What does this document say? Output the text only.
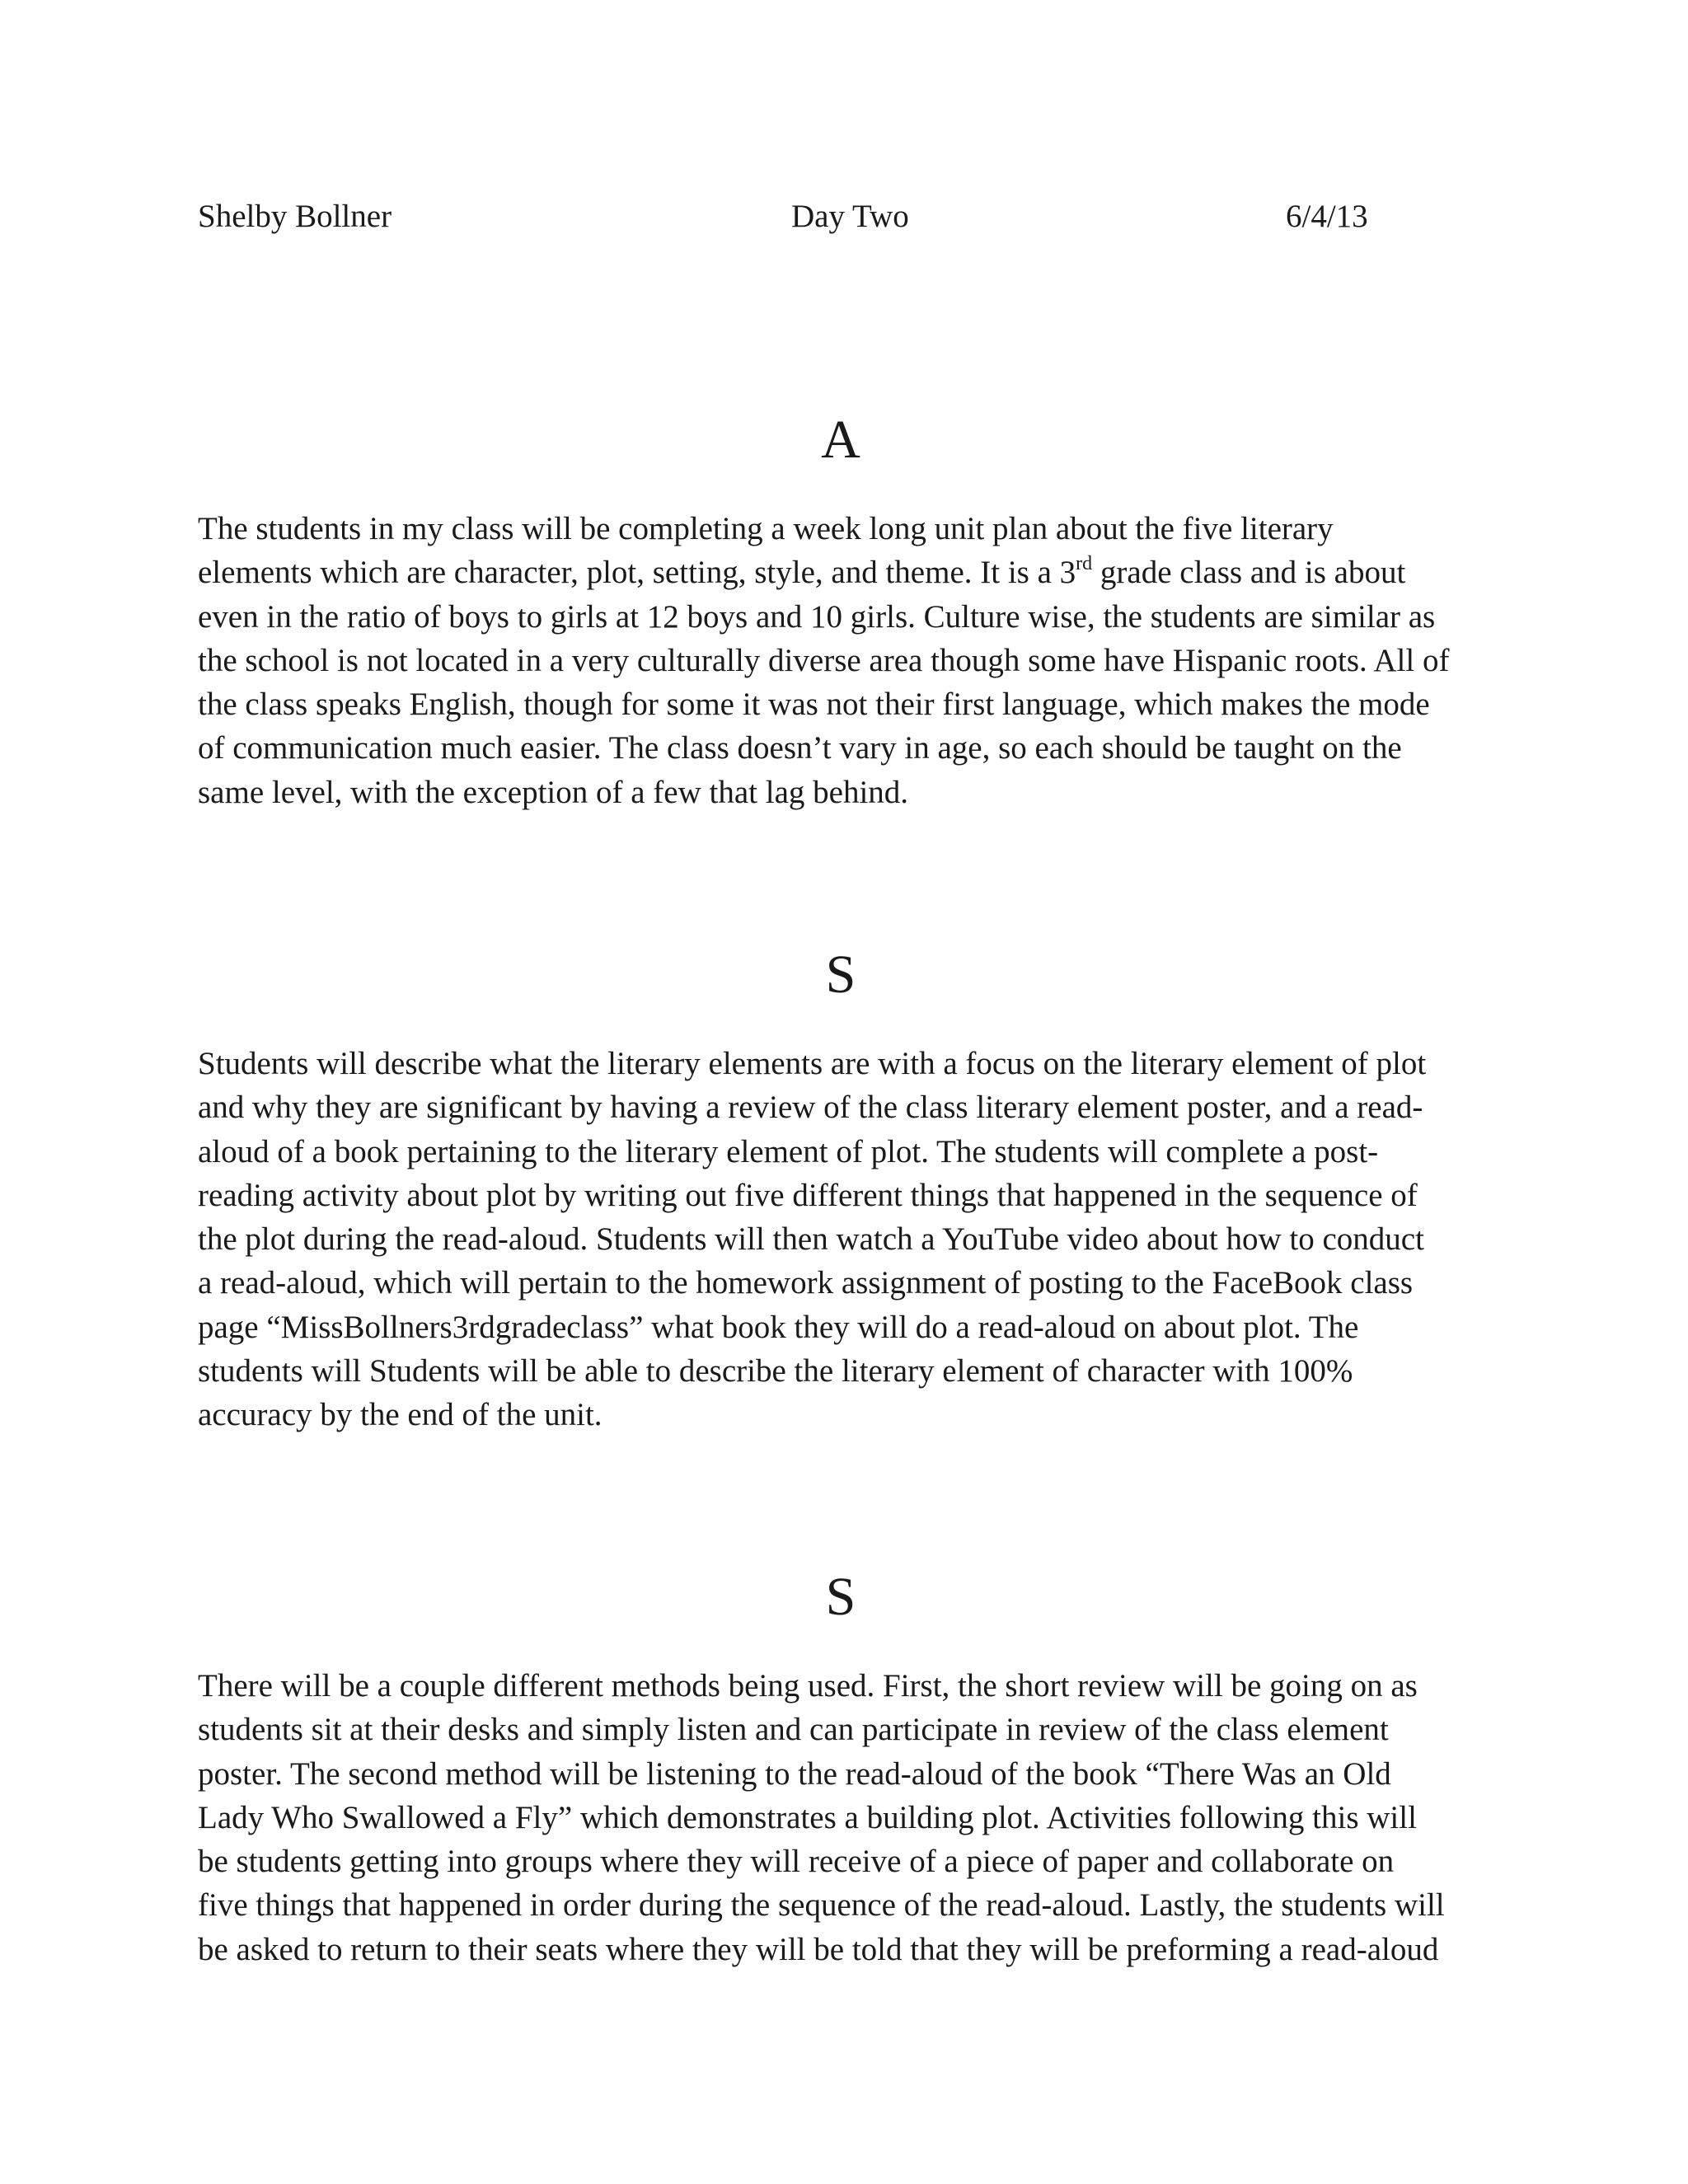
Shelby Bollner	Day Two	6/4/13
A
The students in my class will be completing a week long unit plan about the five literary
elements which are character, plot, setting, style, and theme. It is a 3rd grade class and is about
even in the ratio of boys to girls at 12 boys and 10 girls. Culture wise, the students are similar as
the school is not located in a very culturally diverse area though some have Hispanic roots. All of
the class speaks English, though for some it was not their first language, which makes the mode
of communication much easier. The class doesn’t vary in age, so each should be taught on the
same level, with the exception of a few that lag behind.
S
Students will describe what the literary elements are with a focus on the literary element of plot
and why they are significant by having a review of the class literary element poster, and a read-
aloud of a book pertaining to the literary element of plot. The students will complete a post-
reading activity about plot by writing out five different things that happened in the sequence of
the plot during the read-aloud. Students will then watch a YouTube video about how to conduct
a read-aloud, which will pertain to the homework assignment of posting to the FaceBook class
page “MissBollners3rdgradeclass” what book they will do a read-aloud on about plot. The
students will Students will be able to describe the literary element of character with 100%
accuracy by the end of the unit.
S
There will be a couple different methods being used. First, the short review will be going on as
students sit at their desks and simply listen and can participate in review of the class element
poster. The second method will be listening to the read-aloud of the book “There Was an Old
Lady Who Swallowed a Fly” which demonstrates a building plot. Activities following this will
be students getting into groups where they will receive of a piece of paper and collaborate on
five things that happened in order during the sequence of the read-aloud. Lastly, the students will
be asked to return to their seats where they will be told that they will be preforming a read-aloud
